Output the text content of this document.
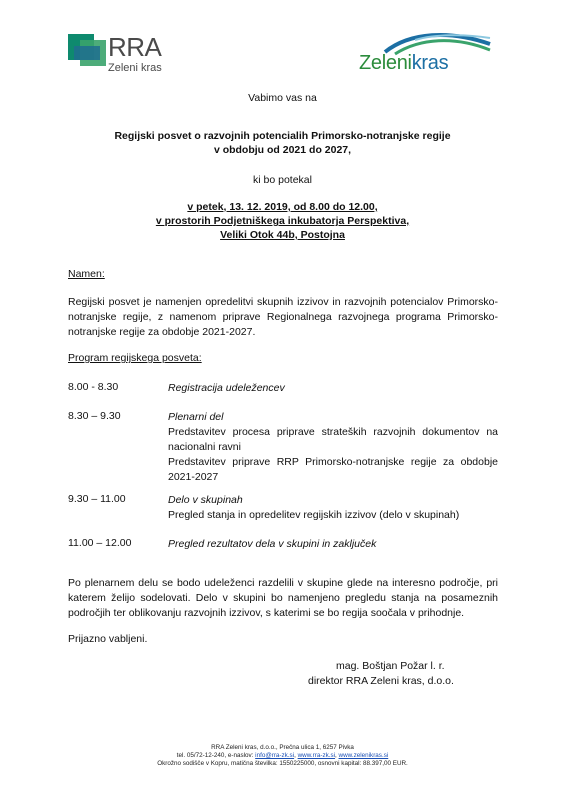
RRA
Zeleni kras	Zelenikras
Vabimo vas na
Regijski posvet o razvojnih potencialih Primorsko-notranjske regije
v obdobju od 2021 do 2027,
ki bo potekal
v petek, 13. 12. 2019, od 8.00 do 12.00,
v prostorih Podjetniškega inkubatorja Perspektiva,
Veliki Otok 44b, Postojna
Namen:
Regijski posvet je namenjen opredelitvi skupnih izzivov in razvojnih potencialov Primorsko-notranjske regije, z namenom priprave Regionalnega razvojnega programa Primorsko-notranjske regije za obdobje 2021-2027.
Program regijskega posveta:
8.00 - 8.30	Registracija udeležencev
8.30 – 9.30	Plenarni del
Predstavitev procesa priprave strateških razvojnih dokumentov na nacionalni ravni
Predstavitev priprave RRP Primorsko-notranjske regije za obdobje 2021-2027
9.30 – 11.00	Delo v skupinah
Pregled stanja in opredelitev regijskih izzivov (delo v skupinah)
11.00 – 12.00	Pregled rezultatov dela v skupini in zaključek
Po plenarnem delu se bodo udeleženci razdelili v skupine glede na interesno področje, pri katerem želijo sodelovati. Delo v skupini bo namenjeno pregledu stanja na posameznih področjih ter oblikovanju razvojnih izzivov, s katerimi se bo regija soočala v prihodnje.
Prijazno vabljeni.
mag. Boštjan Požar l. r.
direktor RRA Zeleni kras, d.o.o.
RRA Zeleni kras, d.o.o., Prečna ulica 1, 6257 Pivka
tel. 05/72-12-240, e-naslov: info@rra-zk.si, www.rra-zk.si, www.zelenikras.si
Okrožno sodišče v Kopru, matična številka: 1550225000, osnovni kapital: 88.397,00 EUR.
